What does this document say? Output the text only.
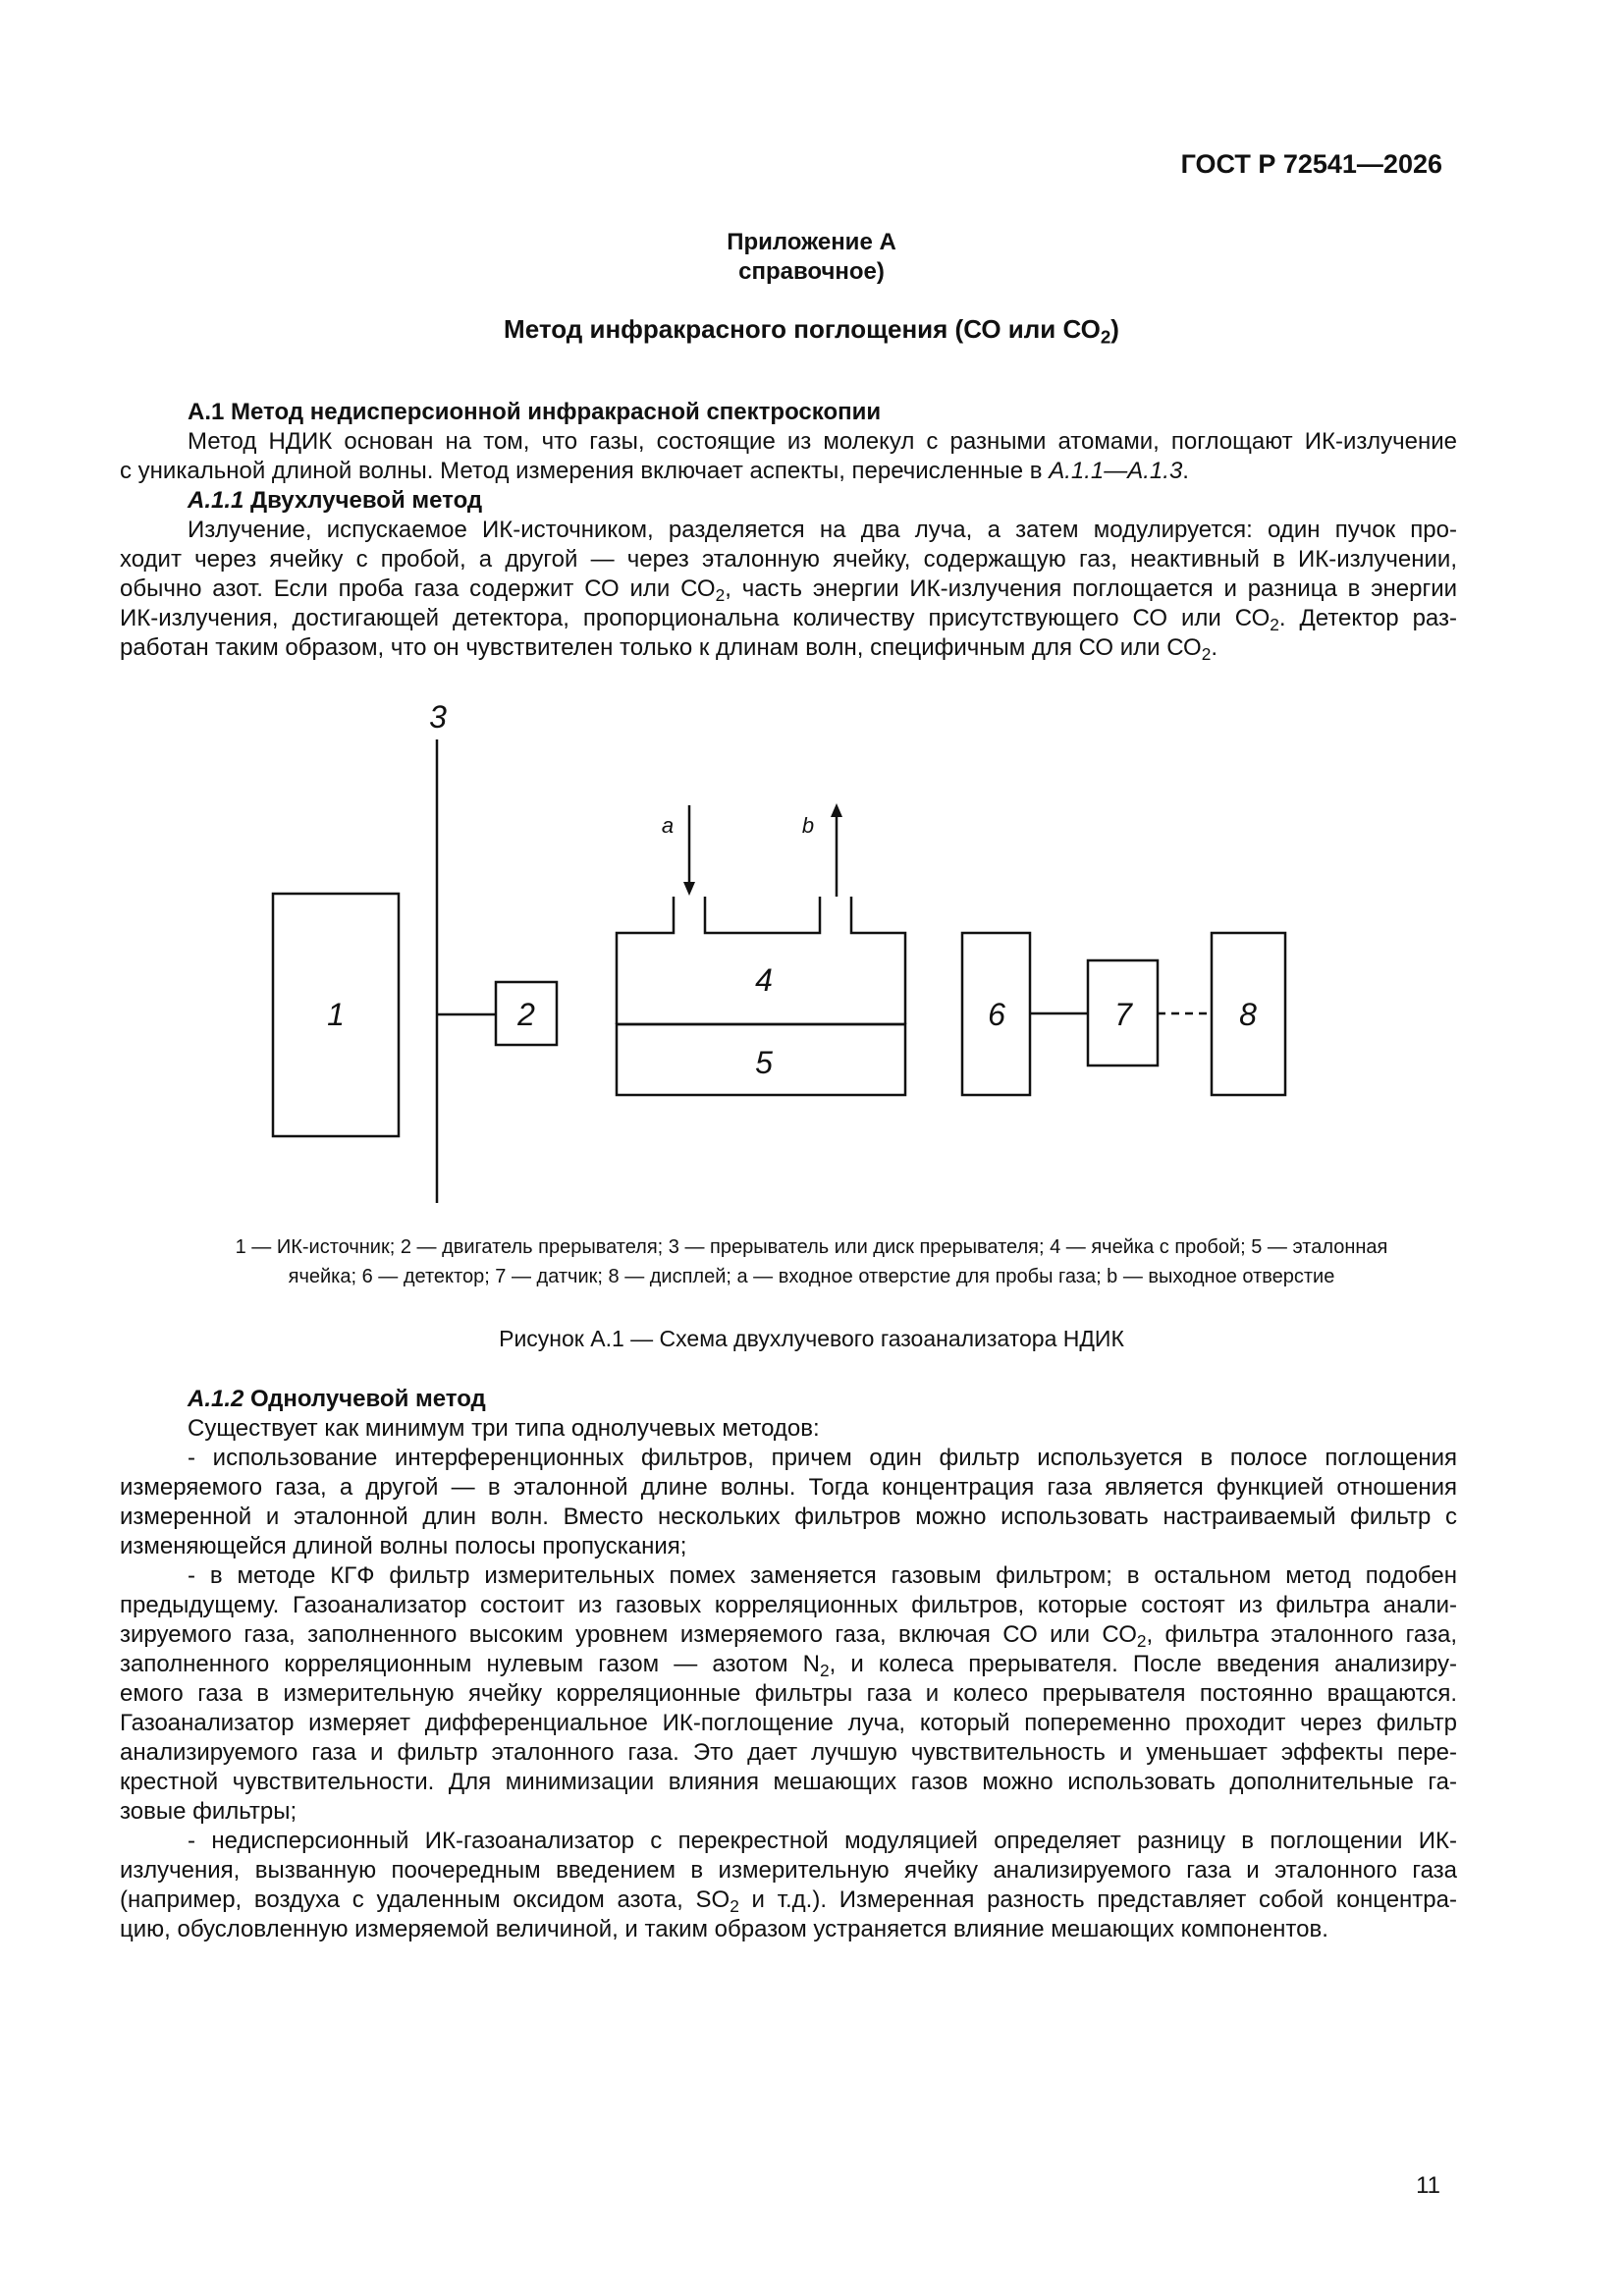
ГОСТ Р 72541—2026
Приложение А
справочное)
Метод инфракрасного поглощения (СО или $СО_2$)

А.1 Метод недисперсионной инфракрасной спектроскопии

Метод НДИК основан на том, что газы, состоящие из молекул с разными атомами, поглощают ИК-излучение

с уникальной длиной волны. Метод измерения включает аспекты, перечисленные в А.1.1—А.1.3.

А.1.1 Двухлучевой метод

Излучение, испускаемое ИК-источником, разделяется на два луча, а затем модулируется: один пучок про-

ходит через ячейку с пробой, а другой — через эталонную ячейку, содержащую газ, неактивный в ИК-излучении,

обычно азот. Если проба газа содержит СО или $СО_2$, часть энергии ИК-излучения поглощается и разница в энергии

ИК-излучения, достигающей детектора, пропорциональна количеству присутствующего СО или $СО_2$. Детектор раз-

работан таким образом, что он чувствителен только к длинам волн, специфичным для СО или $СО_2$.

1	2
3
4
5
6	7	8
a	b
1 — ИК-источник; 2 — двигатель прерывателя; 3 — прерыватель или диск прерывателя; 4 — ячейка с пробой; 5 — эталонная
ячейка; 6 — детектор; 7 — датчик; 8 — дисплей; a — входное отверстие для пробы газа; b — выходное отверстие
Рисунок А.1 — Схема двухлучевого газоанализатора НДИК

А.1.2 Однолучевой метод

Существует как минимум три типа однолучевых методов:

- использование интерференционных фильтров, причем один фильтр используется в полосе поглощения

измеряемого газа, а другой — в эталонной длине волны. Тогда концентрация газа является функцией отношения

измеренной и эталонной длин волн. Вместо нескольких фильтров можно использовать настраиваемый фильтр с

изменяющейся длиной волны полосы пропускания;

- в методе КГФ фильтр измерительных помех заменяется газовым фильтром; в остальном метод подобен

предыдущему. Газоанализатор состоит из газовых корреляционных фильтров, которые состоят из фильтра анали-

зируемого газа, заполненного высоким уровнем измеряемого газа, включая СО или $СО_2$, фильтра эталонного газа,

заполненного корреляционным нулевым газом — азотом $N_2$, и колеса прерывателя. После введения анализиру-

емого газа в измерительную ячейку корреляционные фильтры газа и колесо прерывателя постоянно вращаются.

Газоанализатор измеряет дифференциальное ИК-поглощение луча, который попеременно проходит через фильтр

анализируемого газа и фильтр эталонного газа. Это дает лучшую чувствительность и уменьшает эффекты пере-

крестной чувствительности. Для минимизации влияния мешающих газов можно использовать дополнительные га-

зовые фильтры;

- недисперсионный ИК-газоанализатор с перекрестной модуляцией определяет разницу в поглощении ИК-

излучения, вызванную поочередным введением в измерительную ячейку анализируемого газа и эталонного газа

(например, воздуха с удаленным оксидом азота, $SO_2$ и т.д.). Измеренная разность представляет собой концентра-

цию, обусловленную измеряемой величиной, и таким образом устраняется влияние мешающих компонентов.

11
